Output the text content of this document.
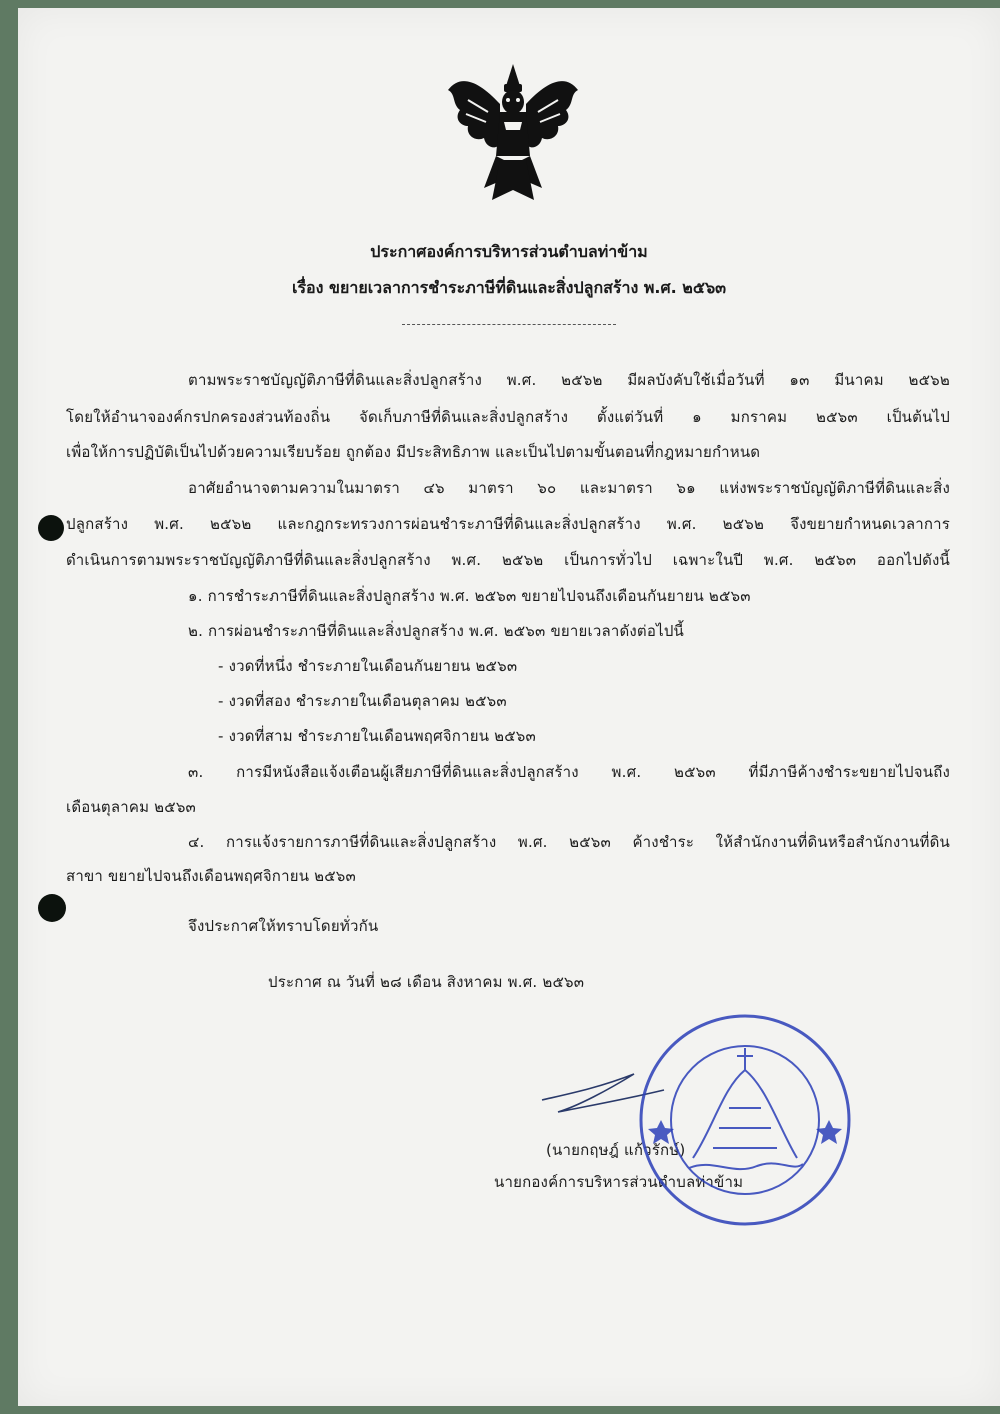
ประกาศองค์การบริหารส่วนตำบลท่าข้าม
เรื่อง ขยายเวลาการชำระภาษีที่ดินและสิ่งปลูกสร้าง พ.ศ. ๒๕๖๓
ตามพระราชบัญญัติภาษีที่ดินและสิ่งปลูกสร้าง พ.ศ. ๒๕๖๒ มีผลบังคับใช้เมื่อวันที่ ๑๓ มีนาคม ๒๕๖๒
โดยให้อำนาจองค์กรปกครองส่วนท้องถิ่น จัดเก็บภาษีที่ดินและสิ่งปลูกสร้าง ตั้งแต่วันที่ ๑ มกราคม ๒๕๖๓ เป็นต้นไป
เพื่อให้การปฏิบัติเป็นไปด้วยความเรียบร้อย ถูกต้อง มีประสิทธิภาพ และเป็นไปตามขั้นตอนที่กฎหมายกำหนด
อาศัยอำนาจตามความในมาตรา ๔๖ มาตรา ๖๐ และมาตรา ๖๑ แห่งพระราชบัญญัติภาษีที่ดินและสิ่ง
ปลูกสร้าง พ.ศ. ๒๕๖๒ และกฎกระทรวงการผ่อนชำระภาษีที่ดินและสิ่งปลูกสร้าง พ.ศ. ๒๕๖๒ จึงขยายกำหนดเวลาการ
ดำเนินการตามพระราชบัญญัติภาษีที่ดินและสิ่งปลูกสร้าง พ.ศ. ๒๕๖๒ เป็นการทั่วไป เฉพาะในปี พ.ศ. ๒๕๖๓ ออกไปดังนี้
๑. การชำระภาษีที่ดินและสิ่งปลูกสร้าง พ.ศ. ๒๕๖๓ ขยายไปจนถึงเดือนกันยายน ๒๕๖๓
๒. การผ่อนชำระภาษีที่ดินและสิ่งปลูกสร้าง พ.ศ. ๒๕๖๓ ขยายเวลาดังต่อไปนี้
- งวดที่หนึ่ง ชำระภายในเดือนกันยายน ๒๕๖๓
- งวดที่สอง ชำระภายในเดือนตุลาคม ๒๕๖๓
- งวดที่สาม ชำระภายในเดือนพฤศจิกายน ๒๕๖๓
๓. การมีหนังสือแจ้งเตือนผู้เสียภาษีที่ดินและสิ่งปลูกสร้าง พ.ศ. ๒๕๖๓ ที่มีภาษีค้างชำระขยายไปจนถึง
เดือนตุลาคม ๒๕๖๓
๔. การแจ้งรายการภาษีที่ดินและสิ่งปลูกสร้าง พ.ศ. ๒๕๖๓ ค้างชำระ ให้สำนักงานที่ดินหรือสำนักงานที่ดิน
สาขา ขยายไปจนถึงเดือนพฤศจิกายน ๒๕๖๓
จึงประกาศให้ทราบโดยทั่วกัน
ประกาศ ณ วันที่ ๒๘ เดือน สิงหาคม พ.ศ. ๒๕๖๓
(นายกฤษฎ์ แก้วรักษ์)
นายกองค์การบริหารส่วนตำบลท่าข้าม
